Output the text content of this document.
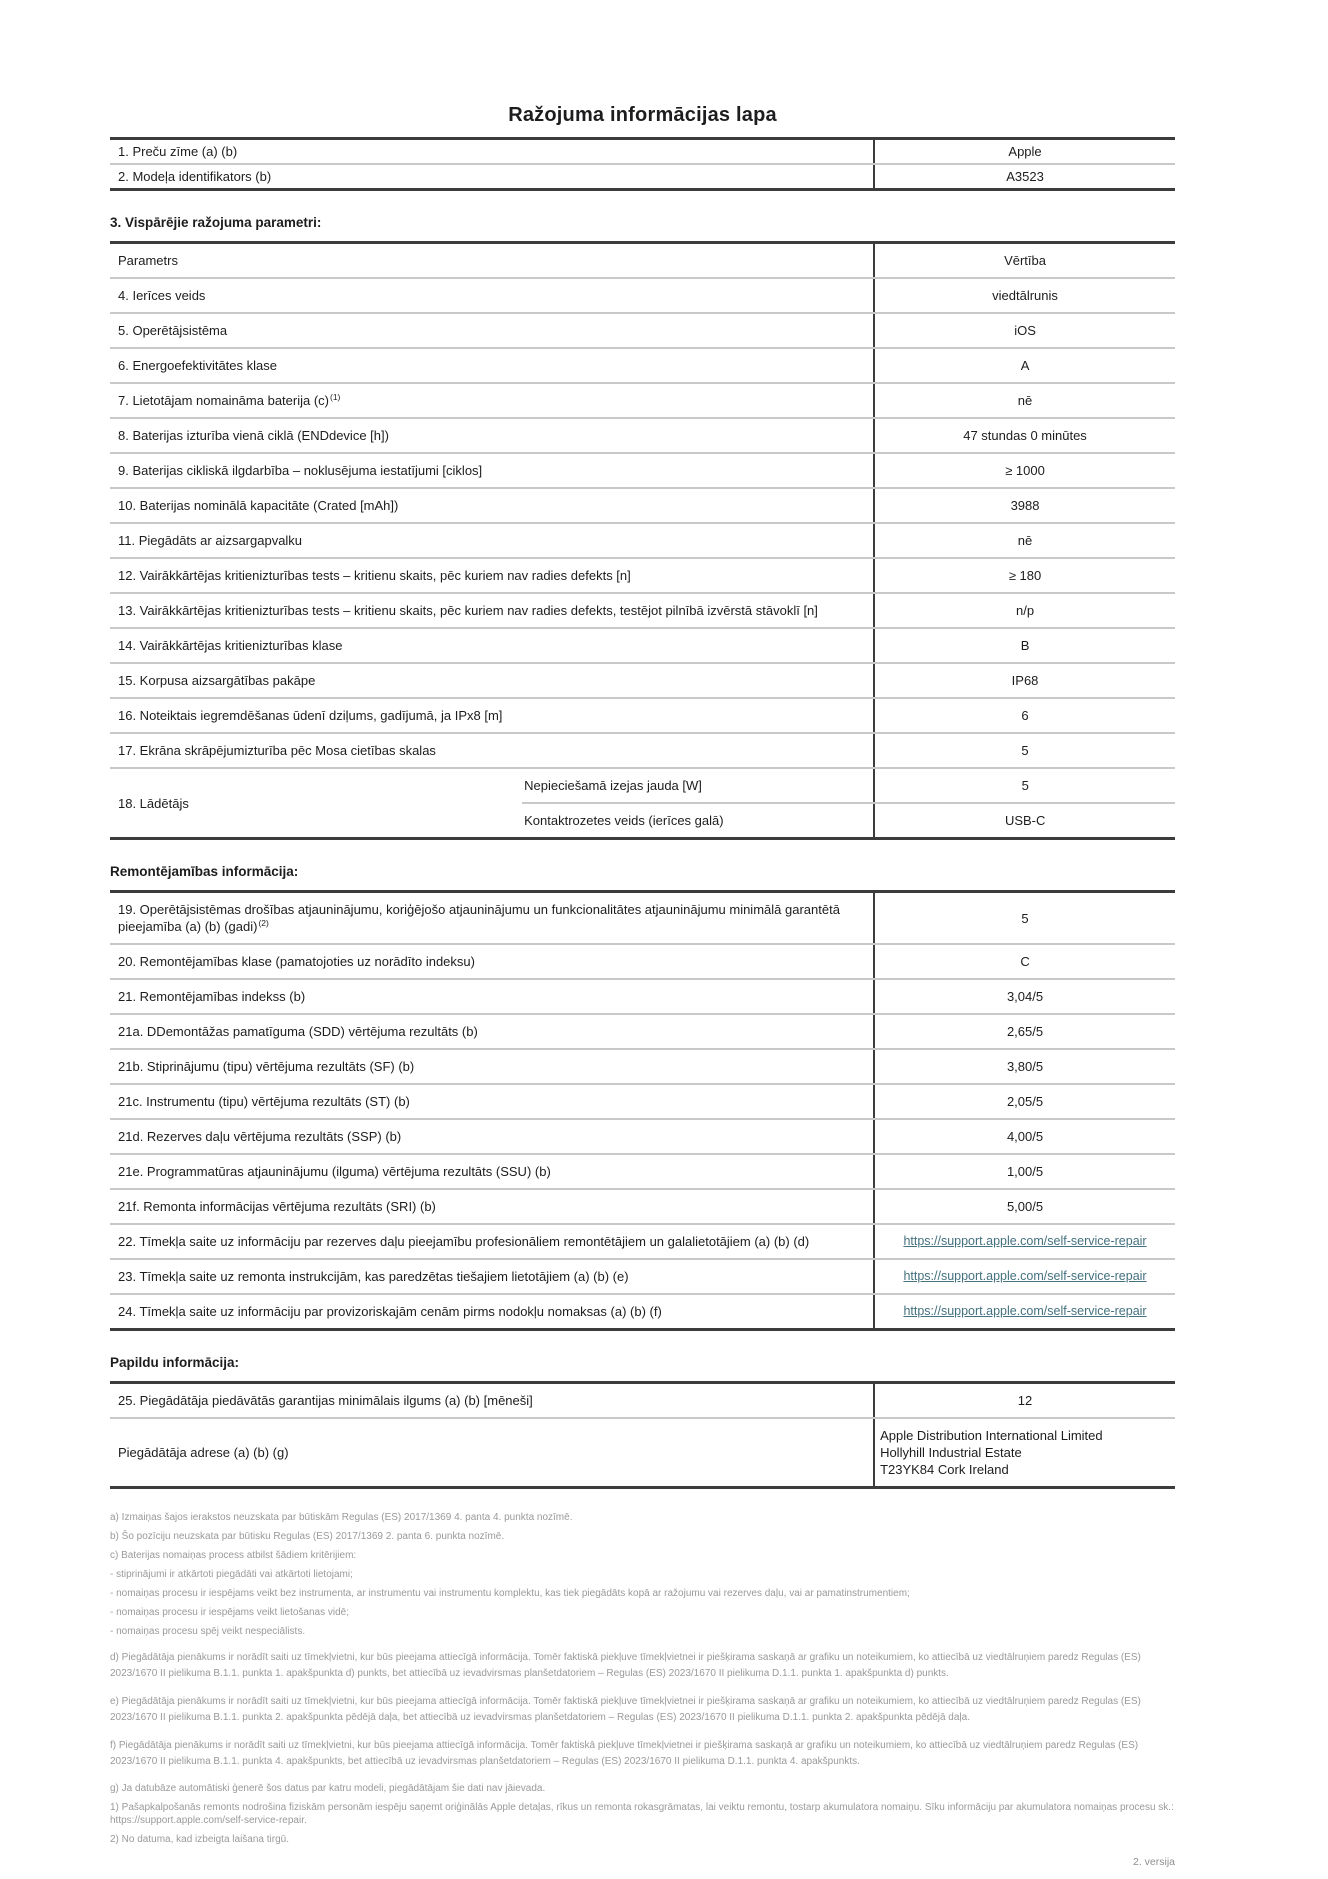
Ražojuma informācijas lapa
1. Preču zīme (a) (b)	Apple
2. Modeļa identifikators (b)	A3523
3. Vispārējie ražojuma parametri:
Parametrs	Vērtība
4. Ierīces veids	viedtālrunis
5. Operētājsistēma	iOS
6. Energoefektivitātes klase	A
7. Lietotājam nomaināma baterija (c)$^{(1)}$	nē
8. Baterijas izturība vienā ciklā (ENDdevice [h])	47 stundas 0 minūtes
9. Baterijas cikliskā ilgdarbība – noklusējuma iestatījumi [ciklos]	≥ 1000
10. Baterijas nominālā kapacitāte (Crated [mAh])	3988
11. Piegādāts ar aizsargapvalku	nē
12. Vairākkārtējas kritienizturības tests – kritienu skaits, pēc kuriem nav radies defekts [n]	≥ 180
13. Vairākkārtējas kritienizturības tests – kritienu skaits, pēc kuriem nav radies defekts, testējot pilnībā izvērstā stāvoklī [n]	n/p
14. Vairākkārtējas kritienizturības klase	B
15. Korpusa aizsargātības pakāpe	IP68
16. Noteiktais iegremdēšanas ūdenī dziļums, gadījumā, ja IPx8 [m]	6
17. Ekrāna skrāpējumizturība pēc Mosa cietības skalas	5
18. Lādētājs
Nepieciešamā izejas jauda [W]	5
Kontaktrozetes veids (ierīces galā)	USB-C
Remontējamības informācija:
19. Operētājsistēmas drošības atjauninājumu, koriģējošo atjauninājumu un funkcionalitātes atjauninājumu minimālā garantētā pieejamība (a) (b) (gadi)$^{(2)}$	5
20. Remontējamības klase (pamatojoties uz norādīto indeksu)	C
21. Remontējamības indekss (b)	3,04/5
21a. DDemontāžas pamatīguma (SDD) vērtējuma rezultāts (b)	2,65/5
21b. Stiprinājumu (tipu) vērtējuma rezultāts (SF) (b)	3,80/5
21c. Instrumentu (tipu) vērtējuma rezultāts (ST) (b)	2,05/5
21d. Rezerves daļu vērtējuma rezultāts (SSP) (b)	4,00/5
21e. Programmatūras atjauninājumu (ilguma) vērtējuma rezultāts (SSU) (b)	1,00/5
21f. Remonta informācijas vērtējuma rezultāts (SRI) (b)	5,00/5
22. Tīmekļa saite uz informāciju par rezerves daļu pieejamību profesionāliem remontētājiem un galalietotājiem (a) (b) (d)	https://support.apple.com/self-service-repair
23. Tīmekļa saite uz remonta instrukcijām, kas paredzētas tiešajiem lietotājiem (a) (b) (e)	https://support.apple.com/self-service-repair
24. Tīmekļa saite uz informāciju par provizoriskajām cenām pirms nodokļu nomaksas (a) (b) (f)	https://support.apple.com/self-service-repair
Papildu informācija:
25. Piegādātāja piedāvātās garantijas minimālais ilgums (a) (b) [mēneši]	12
Piegādātāja adrese (a) (b) (g)
Apple Distribution International Limited
Hollyhill Industrial Estate
T23YK84 Cork Ireland
a) Izmaiņas šajos ierakstos neuzskata par būtiskām Regulas (ES) 2017/1369 4. panta 4. punkta nozīmē.
b) Šo pozīciju neuzskata par būtisku Regulas (ES) 2017/1369 2. panta 6. punkta nozīmē.
c) Baterijas nomaiņas process atbilst šādiem kritērijiem:
- stiprinājumi ir atkārtoti piegādāti vai atkārtoti lietojami;
- nomaiņas procesu ir iespējams veikt bez instrumenta, ar instrumentu vai instrumentu komplektu, kas tiek piegādāts kopā ar ražojumu vai rezerves daļu, vai ar pamatinstrumentiem;
- nomaiņas procesu ir iespējams veikt lietošanas vidē;
- nomaiņas procesu spēj veikt nespeciālists.
d) Piegādātāja pienākums ir norādīt saiti uz tīmekļvietni, kur būs pieejama attiecīgā informācija. Tomēr faktiskā piekļuve tīmekļvietnei ir piešķirama saskaņā ar grafiku un noteikumiem, ko attiecībā uz viedtālruņiem paredz Regulas (ES) 2023/1670 II pielikuma B.1.1. punkta 1. apakšpunkta d) punkts, bet attiecībā uz ievadvirsmas planšetdatoriem – Regulas (ES) 2023/1670 II pielikuma D.1.1. punkta 1. apakšpunkta d) punkts.
e) Piegādātāja pienākums ir norādīt saiti uz tīmekļvietni, kur būs pieejama attiecīgā informācija. Tomēr faktiskā piekļuve tīmekļvietnei ir piešķirama saskaņā ar grafiku un noteikumiem, ko attiecībā uz viedtālruņiem paredz Regulas (ES) 2023/1670 II pielikuma B.1.1. punkta 2. apakšpunkta pēdējā daļa, bet attiecībā uz ievadvirsmas planšetdatoriem – Regulas (ES) 2023/1670 II pielikuma D.1.1. punkta 2. apakšpunkta pēdējā daļa.
f) Piegādātāja pienākums ir norādīt saiti uz tīmekļvietni, kur būs pieejama attiecīgā informācija. Tomēr faktiskā piekļuve tīmekļvietnei ir piešķirama saskaņā ar grafiku un noteikumiem, ko attiecībā uz viedtālruņiem paredz Regulas (ES) 2023/1670 II pielikuma B.1.1. punkta 4. apakšpunkts, bet attiecībā uz ievadvirsmas planšetdatoriem – Regulas (ES) 2023/1670 II pielikuma D.1.1. punkta 4. apakšpunkts.
g) Ja datubāze automātiski ģenerē šos datus par katru modeli, piegādātājam šie dati nav jāievada.
1) Pašapkalpošanās remonts nodrošina fiziskām personām iespēju saņemt oriģinālās Apple detaļas, rīkus un remonta rokasgrāmatas, lai veiktu remontu, tostarp akumulatora nomaiņu. Sīku informāciju par akumulatora nomaiņas procesu sk.: https://support.apple.com/self-service-repair.
2) No datuma, kad izbeigta laišana tirgū.
2. versija
